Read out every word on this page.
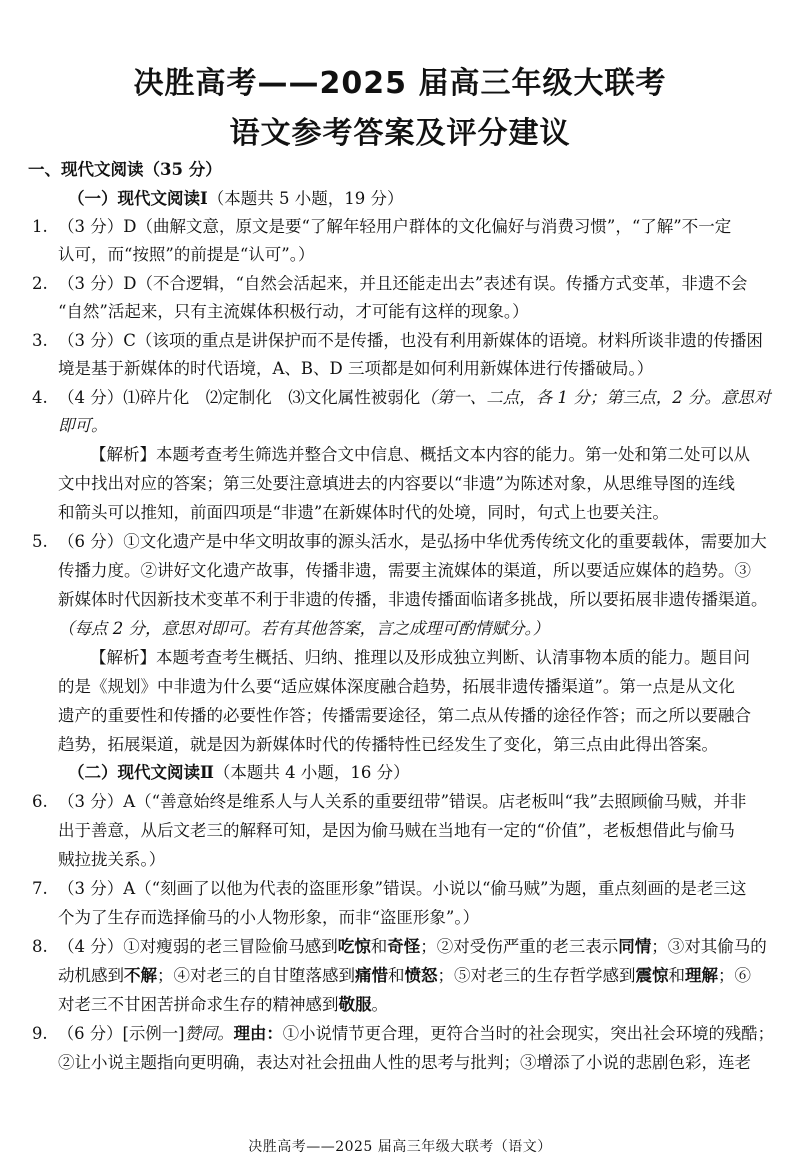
决胜高考——2025 届高三年级大联考
语文参考答案及评分建议
一、现代文阅读（35 分）
（一）现代文阅读Ⅰ（本题共 5 小题，19 分）
1. （3 分）D（曲解文意，原文是要“了解年轻用户群体的文化偏好与消费习惯”，“了解”不一定
认可，而“按照”的前提是“认可”。）
2. （3 分）D（不合逻辑，“自然会活起来，并且还能走出去”表述有误。传播方式变革，非遗不会
“自然”活起来，只有主流媒体积极行动，才可能有这样的现象。）
3. （3 分）C（该项的重点是讲保护而不是传播，也没有利用新媒体的语境。材料所谈非遗的传播困
境是基于新媒体的时代语境，A、B、D 三项都是如何利用新媒体进行传播破局。）
4. （4 分）⑴碎片化　⑵定制化　⑶文化属性被弱化（第一、二点，各 1 分；第三点，2 分。意思对
即可。
【解析】本题考查考生筛选并整合文中信息、概括文本内容的能力。第一处和第二处可以从
文中找出对应的答案；第三处要注意填进去的内容要以“非遗”为陈述对象，从思维导图的连线
和箭头可以推知，前面四项是“非遗”在新媒体时代的处境，同时，句式上也要关注。
5. （6 分）①文化遗产是中华文明故事的源头活水，是弘扬中华优秀传统文化的重要载体，需要加大
传播力度。②讲好文化遗产故事，传播非遗，需要主流媒体的渠道，所以要适应媒体的趋势。③
新媒体时代因新技术变革不利于非遗的传播，非遗传播面临诸多挑战，所以要拓展非遗传播渠道。
（每点 2 分，意思对即可。若有其他答案，言之成理可酌情赋分。）
【解析】本题考查考生概括、归纳、推理以及形成独立判断、认清事物本质的能力。题目问
的是《规划》中非遗为什么要“适应媒体深度融合趋势，拓展非遗传播渠道”。第一点是从文化
遗产的重要性和传播的必要性作答；传播需要途径，第二点从传播的途径作答；而之所以要融合
趋势，拓展渠道，就是因为新媒体时代的传播特性已经发生了变化，第三点由此得出答案。
（二）现代文阅读Ⅱ（本题共 4 小题，16 分）
6. （3 分）A（“善意始终是维系人与人关系的重要纽带”错误。店老板叫“我”去照顾偷马贼，并非
出于善意，从后文老三的解释可知，是因为偷马贼在当地有一定的“价值”，老板想借此与偷马
贼拉拢关系。）
7. （3 分）A（“刻画了以他为代表的盗匪形象”错误。小说以“偷马贼”为题，重点刻画的是老三这
个为了生存而选择偷马的小人物形象，而非“盗匪形象”。）
8. （4 分）①对瘦弱的老三冒险偷马感到吃惊和奇怪；②对受伤严重的老三表示同情；③对其偷马的
动机感到不解；④对老三的自甘堕落感到痛惜和愤怒；⑤对老三的生存哲学感到震惊和理解；⑥
对老三不甘困苦拼命求生存的精神感到敬服。
9. （6 分）[示例一]赞同。理由：①小说情节更合理，更符合当时的社会现实，突出社会环境的残酷；
②让小说主题指向更明确，表达对社会扭曲人性的思考与批判；③增添了小说的悲剧色彩，连老
决胜高考——2025 届高三年级大联考（语文）
